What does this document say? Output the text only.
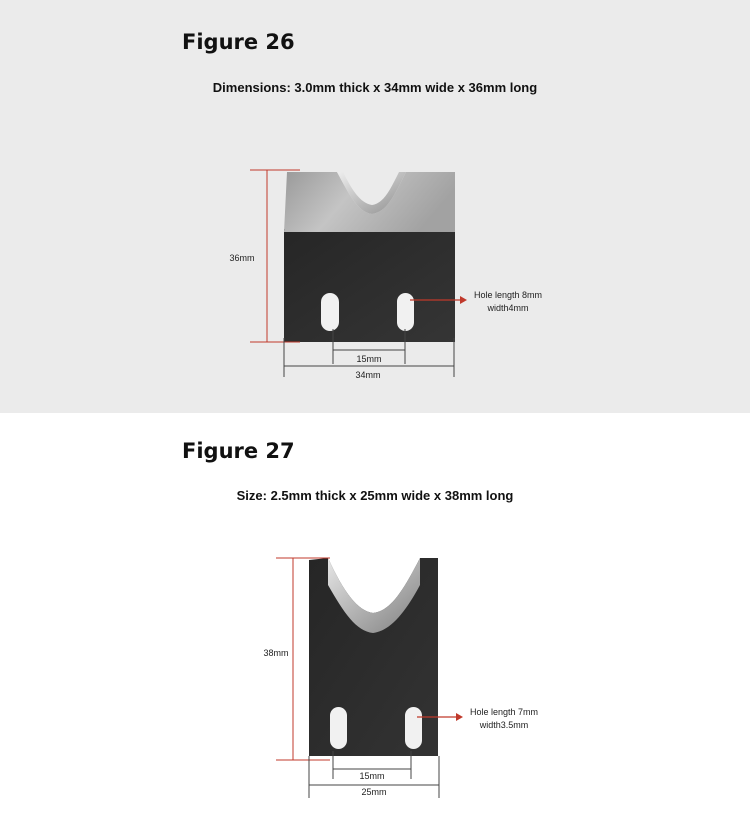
Figure 26
Dimensions: 3.0mm thick x 34mm wide x 36mm long
36mm
15mm
34mm
Hole length 8mm
width4mm
Figure 27
Size: 2.5mm thick x 25mm wide x 38mm long
38mm
15mm
25mm
Hole length 7mm
width3.5mm
